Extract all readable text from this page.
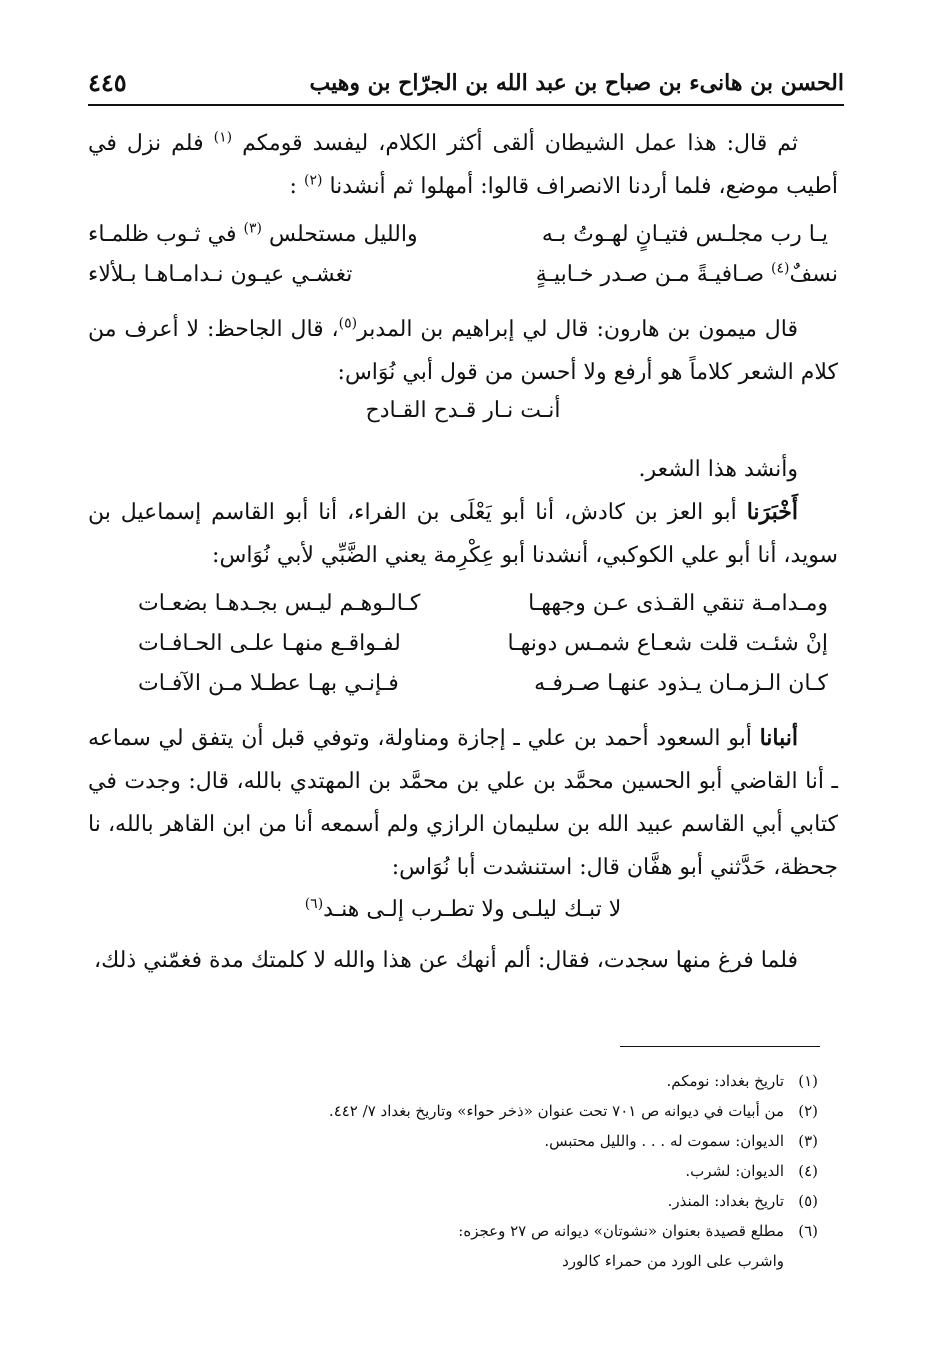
الحسن بن هانىء بن صباح بن عبد الله بن الجرّاح بن وهيب
٤٤٥

ثم قال: هذا عمل الشيطان ألقى أكثر الكلام، ليفسد قومكم $^{(١)}$ فلم نزل في أطيب موضع، فلما أردنا الانصراف قالوا: أمهلوا ثم أنشدنا $^{(٢)}$ :

يـا رب مجلـس فتيـانٍ لهـوتُ بـه
والليل مستحلس $^{(٣)}$ في ثـوب ظلمـاء
نسفٌ$^{(٤)}$ صـافيـةً مـن صـدر خـابيـةٍ
تغشـي عيـون نـدامـاهـا بـلألاء

قال ميمون بن هارون: قال لي إبراهيم بن المدبر$^{(٥)}$، قال الجاحظ: لا أعرف من كلام الشعر كلاماً هو أرفع ولا أحسن من قول أبي نُوَاس:

أنـت نـار قـدح القـادح

وأنشد هذا الشعر.

أَخْبَرَنا أبو العز بن كادش، أنا أبو يَعْلَى بن الفراء، أنا أبو القاسم إسماعيل بن سويد، أنا أبو علي الكوكبي، أنشدنا أبو عِكْرِمة يعني الضَّبِّي لأبي نُوَاس:

ومـدامـة تنقي القـذى عـن وجههـا
كـالـوهـم ليـس بجـدهـا بضعـات
إنْ شئـت قلت شعـاع شمـس دونهـا
لفـواقـع منهـا علـى الحـافـات
كـان الـزمـان يـذود عنهـا صـرفـه
فـإنـي بهـا عطـلا مـن الآفـات

أنبانا أبو السعود أحمد بن علي ـ إجازة ومناولة، وتوفي قبل أن يتفق لي سماعه ـ أنا القاضي أبو الحسين محمَّد بن علي بن محمَّد بن المهتدي بالله، قال: وجدت في كتابي أبي القاسم عبيد الله بن سليمان الرازي ولم أسمعه أنا من ابن القاهر بالله، نا جحظة، حَدَّثني أبو هفَّان قال: استنشدت أبا نُوَاس:

لا تبـك ليلـى ولا تطـرب إلـى هنـد(٦)

فلما فرغ منها سجدت، فقال: ألم أنهك عن هذا والله لا كلمتك مدة فغمّني ذلك،

(١)تاريخ بغداد: نومكم.
(٢)من أبيات في ديوانه ص ٧٠١ تحت عنوان «ذخر حواء» وتاريخ بغداد ٧/ ٤٤٢.
(٣)الديوان: سموت له . . . والليل محتبس.
(٤)الديوان: لشرب.
(٥)تاريخ بغداد: المنذر.
(٦)مطلع قصيدة بعنوان «نشوتان» ديوانه ص ٢٧ وعجزه:
واشرب على الورد من حمراء كالورد
